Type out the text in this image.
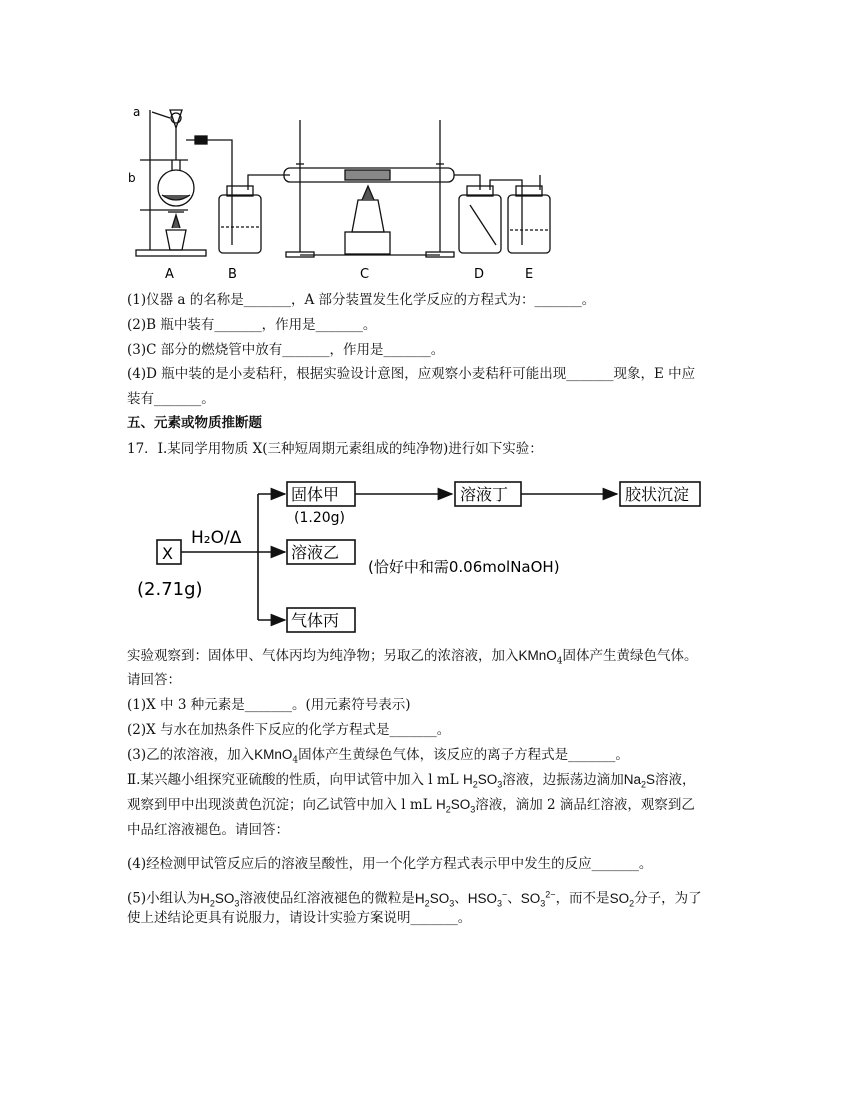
a
b
A	B	C	D	E
(1)仪器 a 的名称是_______，A 部分装置发生化学反应的方程式为：_______。
(2)B 瓶中装有_______，作用是_______。
(3)C 部分的燃烧管中放有_______，作用是_______。
(4)D 瓶中装的是小麦秸秆，根据实验设计意图，应观察小麦秸秆可能出现_______现象，E 中应
装有_______。
五、元素或物质推断题
17．Ⅰ.某同学用物质 X(三种短周期元素组成的纯净物)进行如下实验：
X
(2.71g)
H₂O/Δ
固体甲
(1.20g)
溶液丁	胶状沉淀
溶液乙
(恰好中和需0.06molNaOH)
气体丙
实验观察到：固体甲、气体丙均为纯净物；另取乙的浓溶液，加入KMnO$_4$固体产生黄绿色气体。
请回答：
(1)X 中 3 种元素是_______。(用元素符号表示)
(2)X 与水在加热条件下反应的化学方程式是_______。
(3)乙的浓溶液，加入KMnO$_4$固体产生黄绿色气体，该反应的离子方程式是_______。
Ⅱ.某兴趣小组探究亚硫酸的性质，向甲试管中加入 l mL $H_2SO_3$溶液，边振荡边滴加$Na_2S$溶液，
观察到甲中出现淡黄色沉淀；向乙试管中加入 l mL $H_2SO_3$溶液，滴加 2 滴品红溶液，观察到乙
中品红溶液褪色。请回答：
(4)经检测甲试管反应后的溶液呈酸性，用一个化学方程式表示甲中发生的反应_______。
(5)小组认为$H_2SO_3$溶液使品红溶液褪色的微粒是$H_2SO_3$、$HSO_3^-$、$SO_3^{2-}$，而不是$SO_2$分子，为了
使上述结论更具有说服力，请设计实验方案说明_______。
